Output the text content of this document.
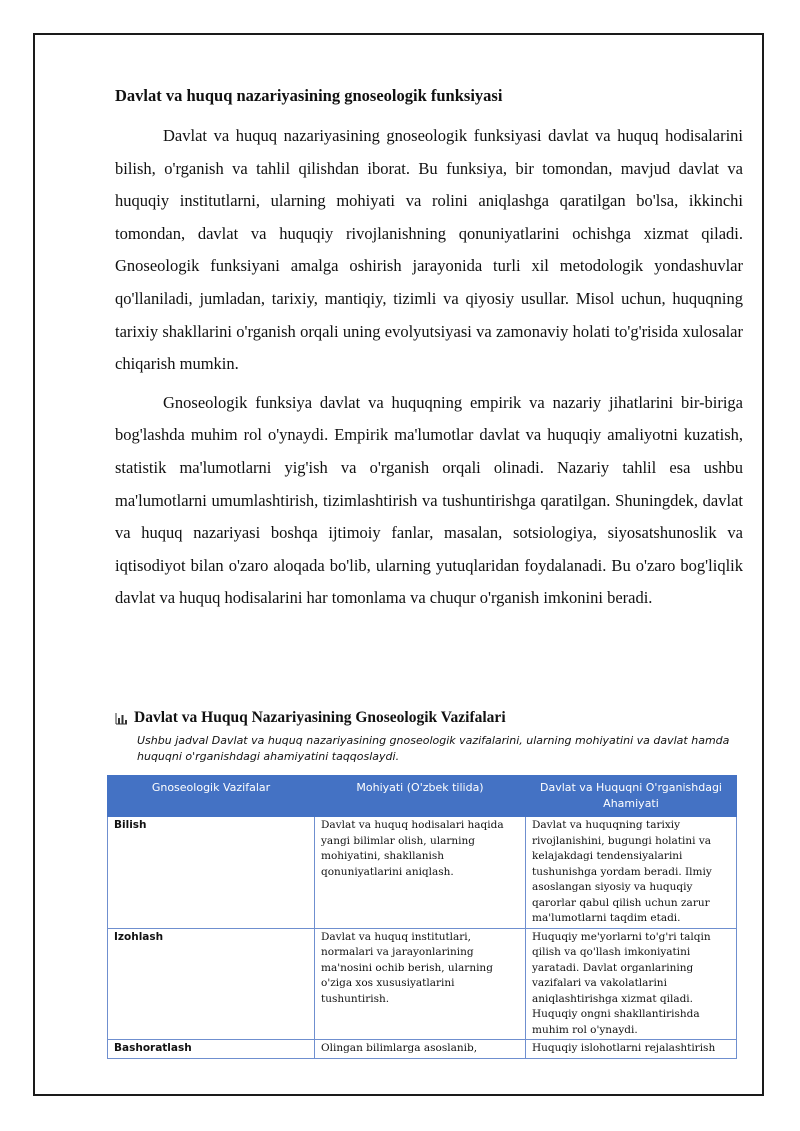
Davlat va huquq nazariyasining gnoseologik funksiyasi

Davlat va huquq nazariyasining gnoseologik funksiyasi davlat va huquq hodisalarini bilish, o'rganish va tahlil qilishdan iborat. Bu funksiya, bir tomondan, mavjud davlat va huquqiy institutlarni, ularning mohiyati va rolini aniqlashga qaratilgan bo'lsa, ikkinchi tomondan, davlat va huquqiy rivojlanishning qonuniyatlarini ochishga xizmat qiladi. Gnoseologik funksiyani amalga oshirish jarayonida turli xil metodologik yondashuvlar qo'llaniladi, jumladan, tarixiy, mantiqiy, tizimli va qiyosiy usullar. Misol uchun, huquqning tarixiy shakllarini o'rganish orqali uning evolyutsiyasi va zamonaviy holati to'g'risida xulosalar chiqarish mumkin.

Gnoseologik funksiya davlat va huquqning empirik va nazariy jihatlarini bir-biriga bog'lashda muhim rol o'ynaydi. Empirik ma'lumotlar davlat va huquqiy amaliyotni kuzatish, statistik ma'lumotlarni yig'ish va o'rganish orqali olinadi. Nazariy tahlil esa ushbu ma'lumotlarni umumlashtirish, tizimlashtirish va tushuntirishga qaratilgan. Shuningdek, davlat va huquq nazariyasi boshqa ijtimoiy fanlar, masalan, sotsiologiya, siyosatshunoslik va iqtisodiyot bilan o'zaro aloqada bo'lib, ularning yutuqlaridan foydalanadi. Bu o'zaro bog'liqlik davlat va huquq hodisalarini har tomonlama va chuqur o'rganish imkonini beradi.

Davlat va Huquq Nazariyasining Gnoseologik Vazifalari
Ushbu jadval Davlat va huquq nazariyasining gnoseologik vazifalarini, ularning mohiyatini va davlat hamda huquqni o'rganishdagi ahamiyatini taqqoslaydi.
Gnoseologik Vazifalar	Mohiyati (O'zbek tilida)	Davlat va Huquqni O'rganishdagi Ahamiyati
Bilish	Davlat va huquq hodisalari haqida yangi bilimlar olish, ularning mohiyatini, shakllanish qonuniyatlarini aniqlash.	Davlat va huquqning tarixiy rivojlanishini, bugungi holatini va kelajakdagi tendensiyalarini tushunishga yordam beradi. Ilmiy asoslangan siyosiy va huquqiy qarorlar qabul qilish uchun zarur ma'lumotlarni taqdim etadi.
Izohlash	Davlat va huquq institutlari, normalari va jarayonlarining ma'nosini ochib berish, ularning o'ziga xos xususiyatlarini tushuntirish.	Huquqiy me'yorlarni to'g'ri talqin qilish va qo'llash imkoniyatini yaratadi. Davlat organlarining vazifalari va vakolatlarini aniqlashtirishga xizmat qiladi. Huquqiy ongni shakllantirishda muhim rol o'ynaydi.
Bashoratlash	Olingan bilimlarga asoslanib,	Huquqiy islohotlarni rejalashtirish
